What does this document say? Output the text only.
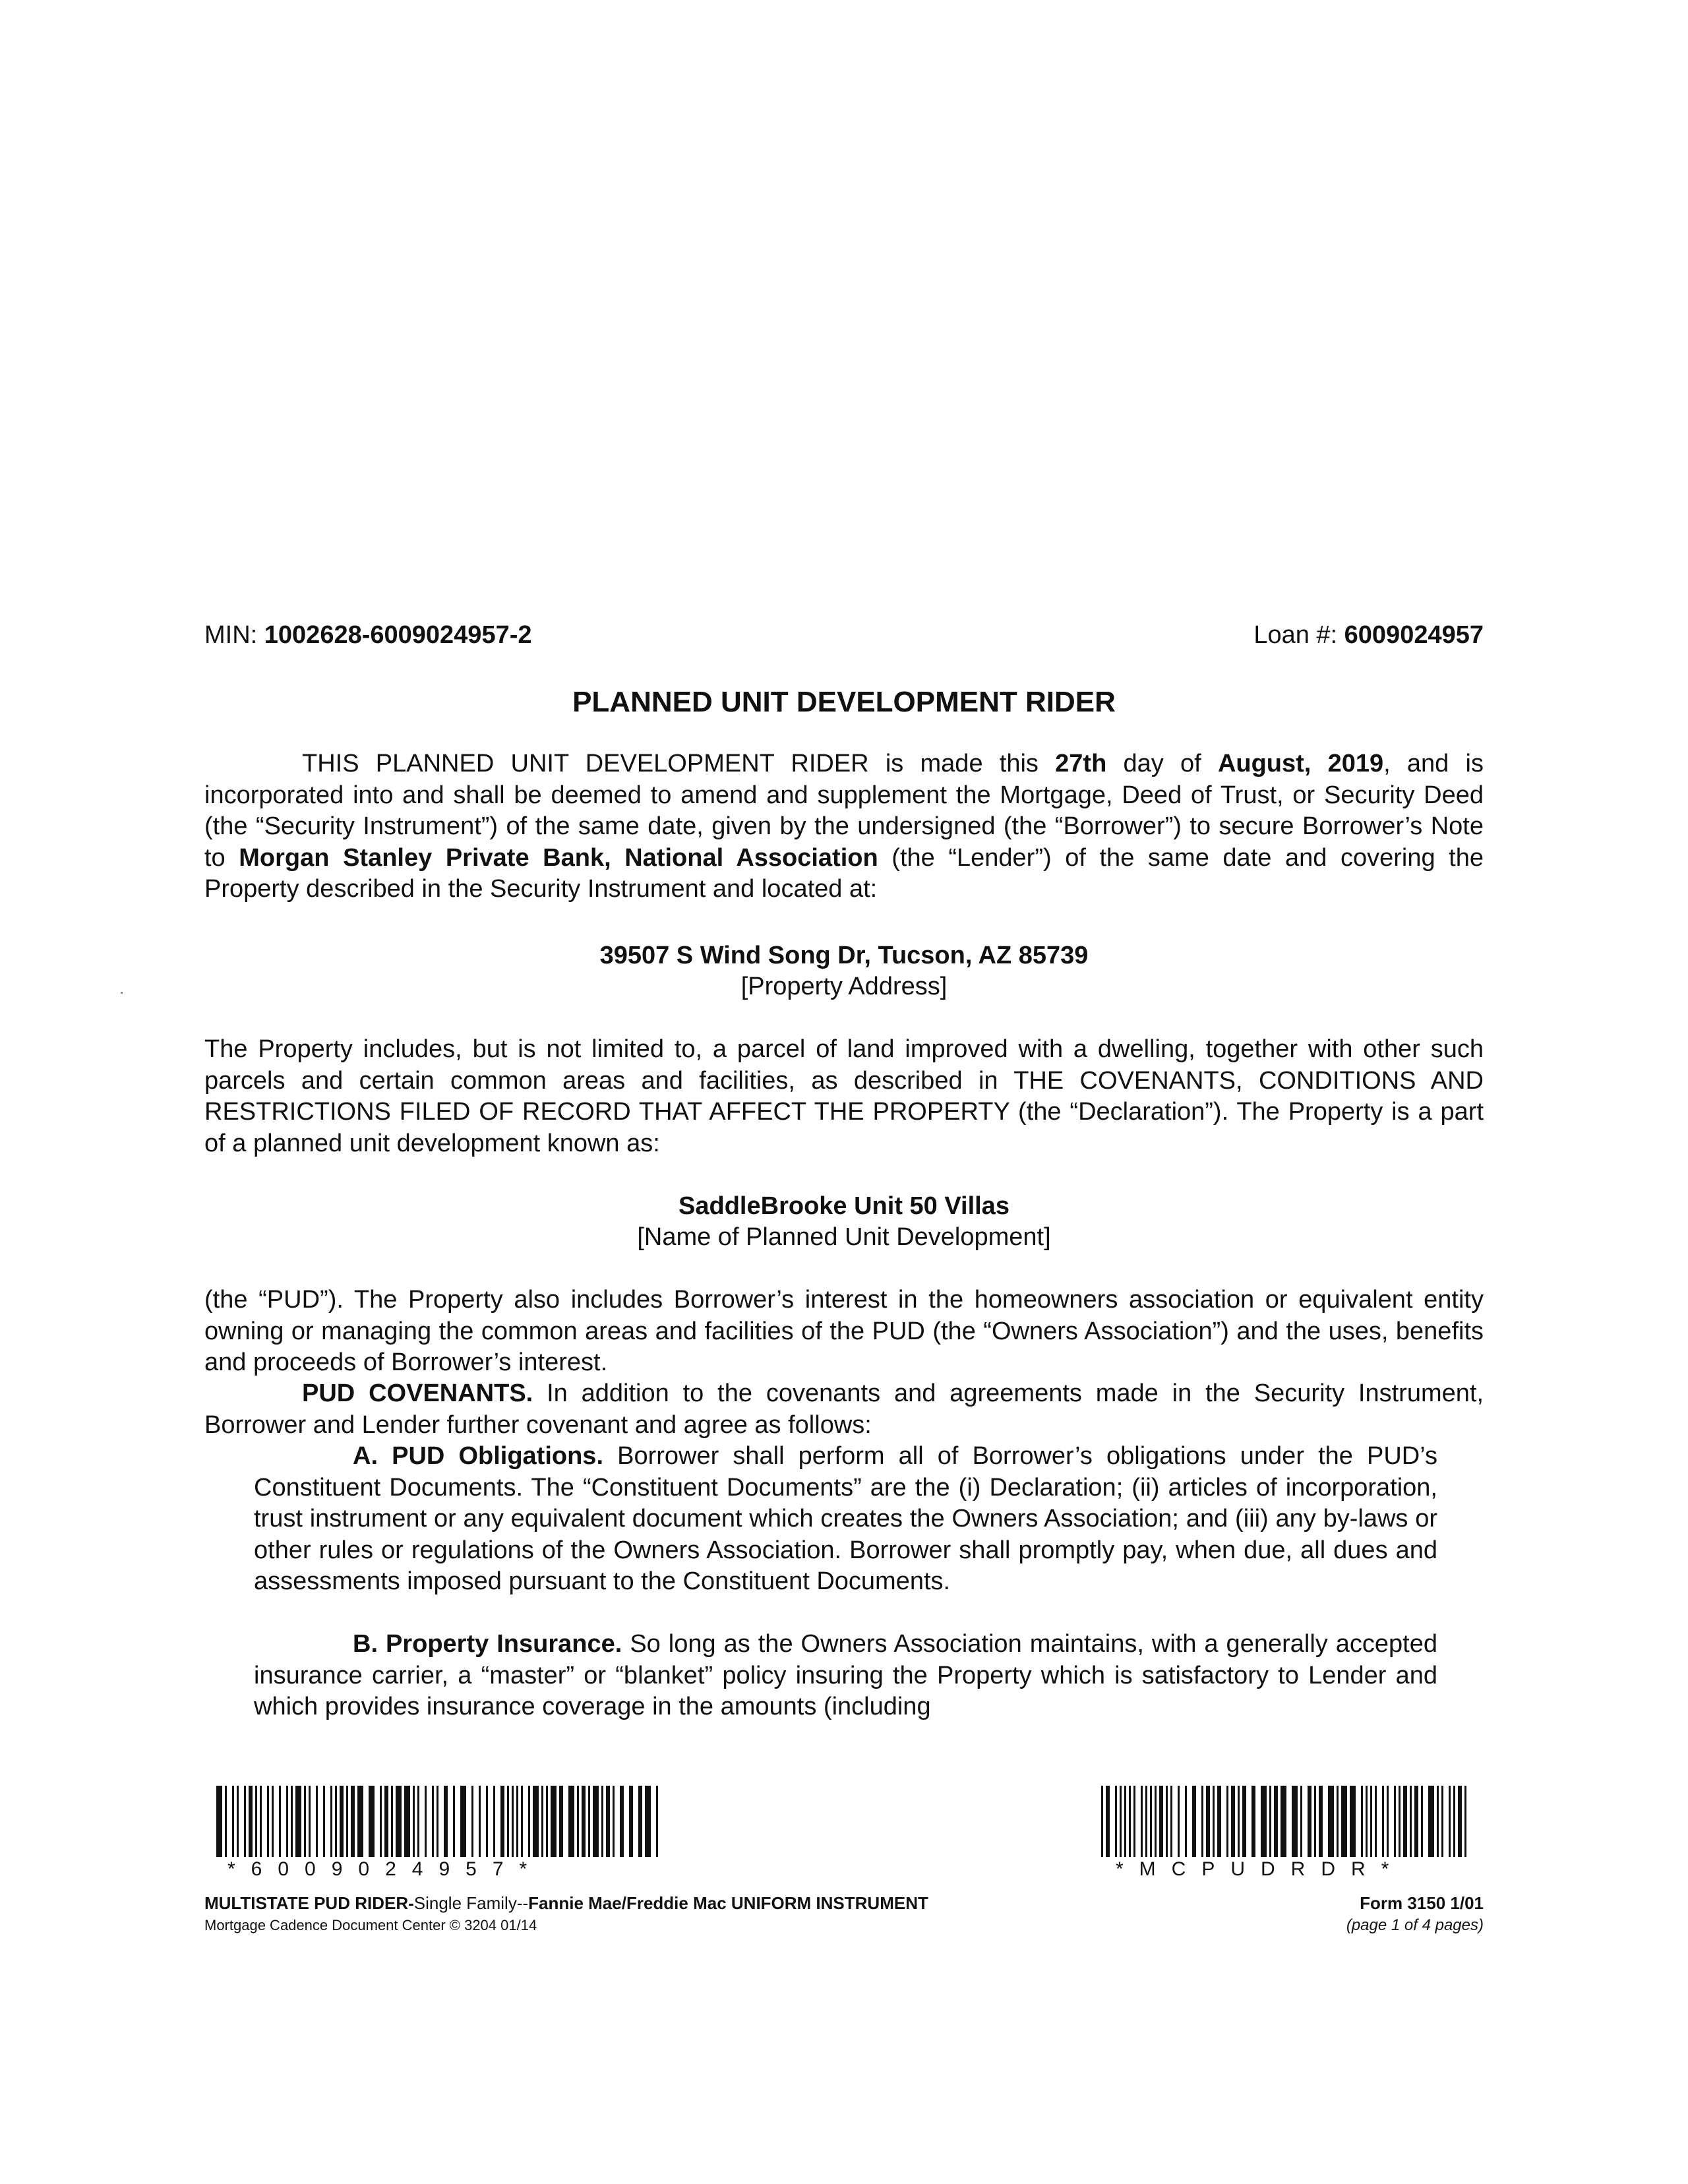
MIN: 1002628-6009024957-2	Loan #: 6009024957
PLANNED UNIT DEVELOPMENT RIDER

THIS PLANNED UNIT DEVELOPMENT RIDER is made this 27th day of August, 2019, and is incorporated into and shall be deemed to amend and supplement the Mortgage, Deed of Trust, or Security Deed (the “Security Instrument”) of the same date, given by the undersigned (the “Borrower”) to secure Borrower’s Note to Morgan Stanley Private Bank, National Association (the “Lender”) of the same date and covering the Property described in the Security Instrument and located at:

39507 S Wind Song Dr, Tucson, AZ 85739
[Property Address]

The Property includes, but is not limited to, a parcel of land improved with a dwelling, together with other such parcels and certain common areas and facilities, as described in THE COVENANTS, CONDITIONS AND RESTRICTIONS FILED OF RECORD THAT AFFECT THE PROPERTY (the “Declaration”). The Property is a part of a planned unit development known as:

SaddleBrooke Unit 50 Villas
[Name of Planned Unit Development]

(the “PUD”). The Property also includes Borrower’s interest in the homeowners association or equivalent entity owning or managing the common areas and facilities of the PUD (the “Owners Association”) and the uses, benefits and proceeds of Borrower’s interest.

PUD COVENANTS. In addition to the covenants and agreements made in the Security Instrument, Borrower and Lender further covenant and agree as follows:

A. PUD Obligations. Borrower shall perform all of Borrower’s obligations under the PUD’s Constituent Documents. The “Constituent Documents” are the (i) Declaration; (ii) articles of incorporation, trust instrument or any equivalent document which creates the Owners Association; and (iii) any by-laws or other rules or regulations of the Owners Association. Borrower shall promptly pay, when due, all dues and assessments imposed pursuant to the Constituent Documents.

B. Property Insurance. So long as the Owners Association maintains, with a generally accepted insurance carrier, a “master” or “blanket” policy insuring the Property which is satisfactory to Lender and which provides insurance coverage in the amounts (including

*6009024957*	*MCPUDRDR*
MULTISTATE PUD RIDER-Single Family--Fannie Mae/Freddie Mac UNIFORM INSTRUMENT
Mortgage Cadence Document Center © 3204 01/14
Form 3150 1/01
(page 1 of 4 pages)
